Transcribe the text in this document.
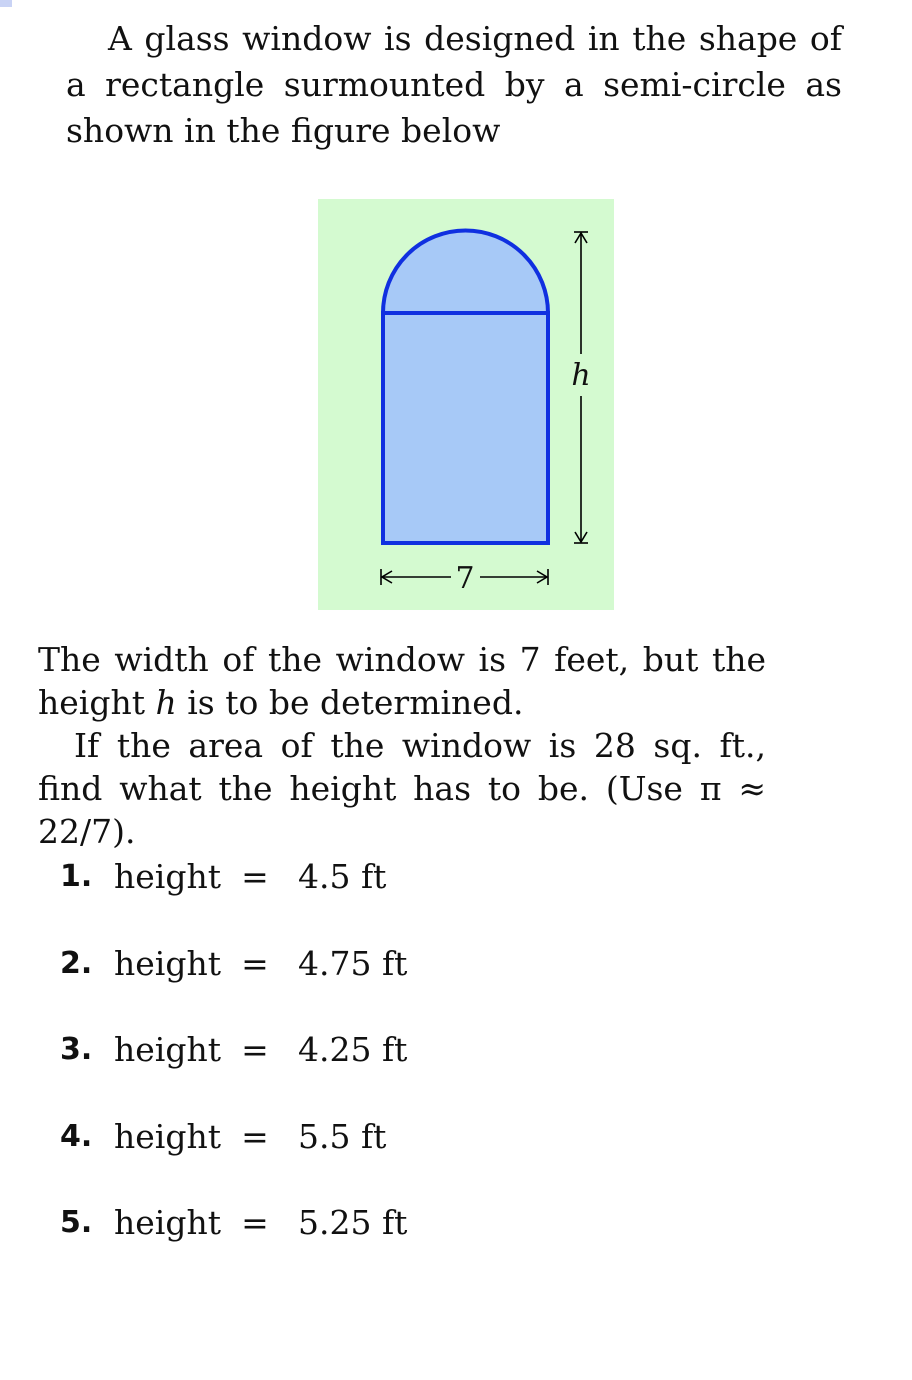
A glass window is designed in the shape of a rectangle surmounted by a semi-circle as shown in the figure below

h
7

The width of the window is 7 feet, but the height h is to be determined.

If the area of the window is 28 sq. ft., find what the height has to be. (Use π ≈ 22/7).

1. height = 4.5 ft
2. height = 4.75 ft
3. height = 4.25 ft
4. height = 5.5 ft
5. height = 5.25 ft
